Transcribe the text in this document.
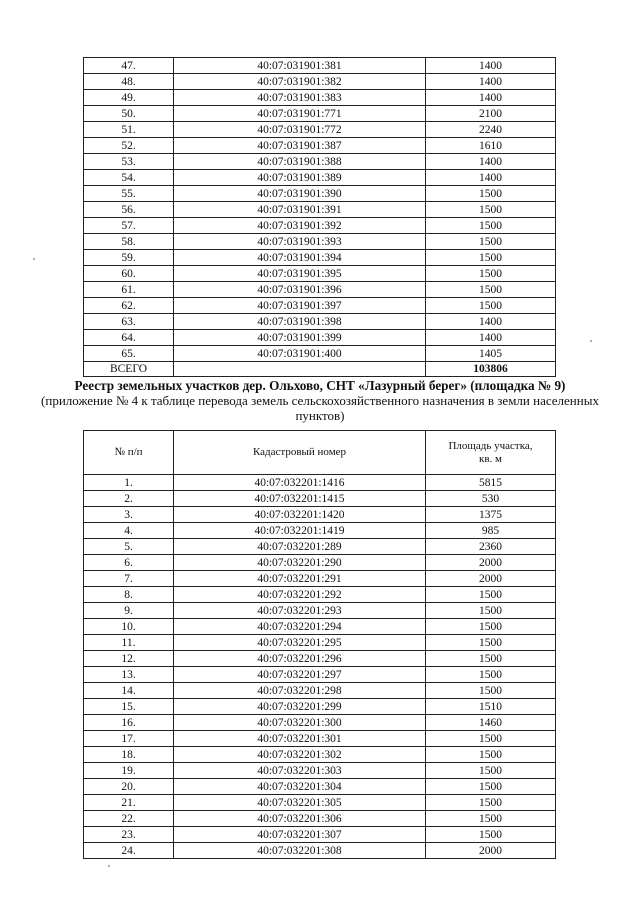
47.	40:07:031901:381	1400
48.	40:07:031901:382	1400
49.	40:07:031901:383	1400
50.	40:07:031901:771	2100
51.	40:07:031901:772	2240
52.	40:07:031901:387	1610
53.	40:07:031901:388	1400
54.	40:07:031901:389	1400
55.	40:07:031901:390	1500
56.	40:07:031901:391	1500
57.	40:07:031901:392	1500
58.	40:07:031901:393	1500
59.	40:07:031901:394	1500
60.	40:07:031901:395	1500
61.	40:07:031901:396	1500
62.	40:07:031901:397	1500
63.	40:07:031901:398	1400
64.	40:07:031901:399	1400
65.	40:07:031901:400	1405
ВСЕГО		103806
Реестр земельных участков дер. Ольхово, СНТ «Лазурный берег» (площадка № 9)
(приложение № 4 к таблице перевода земель сельскохозяйственного назначения в земли населенных пунктов)
№ п/п	Кадастровый номер	Площадь участка, кв. м
1.	40:07:032201:1416	5815
2.	40:07:032201:1415	530
3.	40:07:032201:1420	1375
4.	40:07:032201:1419	985
5.	40:07:032201:289	2360
6.	40:07:032201:290	2000
7.	40:07:032201:291	2000
8.	40:07:032201:292	1500
9.	40:07:032201:293	1500
10.	40:07:032201:294	1500
11.	40:07:032201:295	1500
12.	40:07:032201:296	1500
13.	40:07:032201:297	1500
14.	40:07:032201:298	1500
15.	40:07:032201:299	1510
16.	40:07:032201:300	1460
17.	40:07:032201:301	1500
18.	40:07:032201:302	1500
19.	40:07:032201:303	1500
20.	40:07:032201:304	1500
21.	40:07:032201:305	1500
22.	40:07:032201:306	1500
23.	40:07:032201:307	1500
24.	40:07:032201:308	2000
